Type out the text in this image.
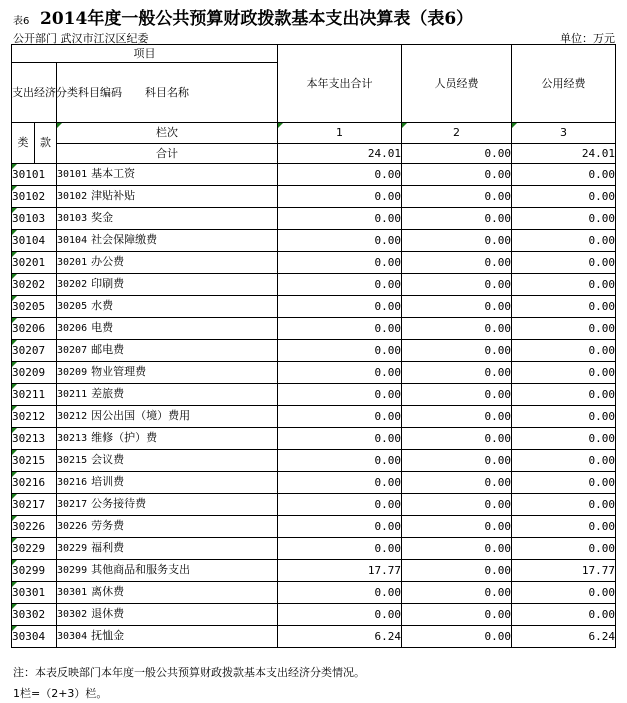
表6 2014年度一般公共预算财政拨款基本支出决算表（表6）
公开部门 武汉市江汉区纪委	单位：万元
项目			本年支出合计	人员经费	公用经费
支出经济分类科目编码		科目名称			

类	款	栏次	1	2	3
		合计	24.01	0.00	24.01
30101		30101 基本工资	0.00	0.00	0.00
30102		30102 津贴补贴	0.00	0.00	0.00
30103		30103 奖金	0.00	0.00	0.00
30104		30104 社会保障缴费	0.00	0.00	0.00
30201		30201 办公费	0.00	0.00	0.00
30202		30202 印刷费	0.00	0.00	0.00
30205		30205 水费	0.00	0.00	0.00
30206		30206 电费	0.00	0.00	0.00
30207		30207 邮电费	0.00	0.00	0.00
30209		30209 物业管理费	0.00	0.00	0.00
30211		30211 差旅费	0.00	0.00	0.00
30212		30212 因公出国（境）费用	0.00	0.00	0.00
30213		30213 维修（护）费	0.00	0.00	0.00
30215		30215 会议费	0.00	0.00	0.00
30216		30216 培训费	0.00	0.00	0.00
30217		30217 公务接待费	0.00	0.00	0.00
30226		30226 劳务费	0.00	0.00	0.00
30229		30229 福利费	0.00	0.00	0.00
30299		30299 其他商品和服务支出	17.77	0.00	17.77
30301		30301 离休费	0.00	0.00	0.00
30302		30302 退休费	0.00	0.00	0.00
30304		30304 抚恤金	6.24	0.00	6.24
注：本表反映部门本年度一般公共预算财政拨款基本支出经济分类情况。
1栏=（2+3）栏。
